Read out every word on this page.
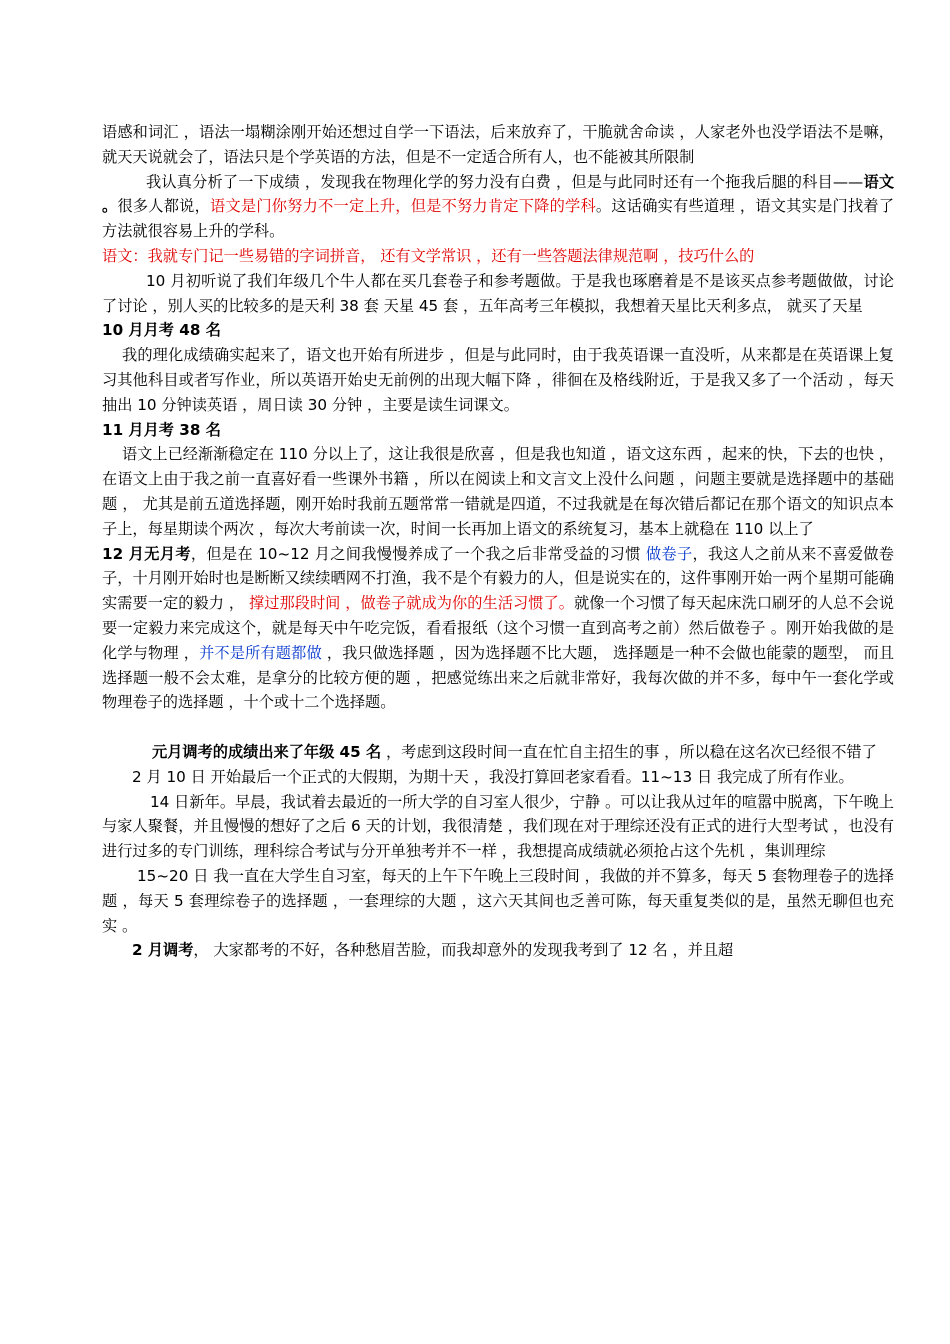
语感和词汇 ，语法一塌糊涂刚开始还想过自学一下语法，后来放弃了，干脆就舍命读 ，人家老外也没学语法不是嘛，就天天说就会了，语法只是个学英语的方法，但是不一定适合所有人，也不能被其所限制

我认真分析了一下成绩 ，发现我在物理化学的努力没有白费 ，但是与此同时还有一个拖我后腿的科目——语文 。很多人都说，语文是门你努力不一定上升，但是不努力肯定下降的学科。这话确实有些道理 ，语文其实是门找着了方法就很容易上升的学科。

语文：我就专门记一些易错的字词拼音， 还有文学常识 ，还有一些答题法律规范啊 ，技巧什么的

10 月初听说了我们年级几个牛人都在买几套卷子和参考题做。于是我也琢磨着是不是该买点参考题做做，讨论了讨论 ，别人买的比较多的是天利 38 套 天星 45 套 ，五年高考三年模拟，我想着天星比天利多点， 就买了天星

10 月月考 48 名

我的理化成绩确实起来了，语文也开始有所进步 ，但是与此同时，由于我英语课一直没听，从来都是在英语课上复习其他科目或者写作业，所以英语开始史无前例的出现大幅下降 ，徘徊在及格线附近，于是我又多了一个活动 ，每天抽出 10 分钟读英语 ，周日读 30 分钟 ，主要是读生词课文。

11 月月考 38 名

语文上已经渐渐稳定在 110 分以上了，这让我很是欣喜 ，但是我也知道 ，语文这东西 ，起来的快，下去的也快 ，在语文上由于我之前一直喜好看一些课外书籍 ，所以在阅读上和文言文上没什么问题 ，问题主要就是选择题中的基础题 ， 尤其是前五道选择题，刚开始时我前五题常常一错就是四道，不过我就是在每次错后都记在那个语文的知识点本子上，每星期读个两次 ，每次大考前读一次，时间一长再加上语文的系统复习，基本上就稳在 110 以上了

12 月无月考，但是在 10~12 月之间我慢慢养成了一个我之后非常受益的习惯 做卷子，我这人之前从来不喜爱做卷子，十月刚开始时也是断断又续续晒网不打渔，我不是个有毅力的人，但是说实在的，这件事刚开始一两个星期可能确实需要一定的毅力 ， 撑过那段时间 ，做卷子就成为你的生活习惯了。就像一个习惯了每天起床洗口刷牙的人总不会说要一定毅力来完成这个，就是每天中午吃完饭，看看报纸（这个习惯一直到高考之前）然后做卷子 。刚开始我做的是化学与物理 ，并不是所有题都做 ，我只做选择题 ，因为选择题不比大题， 选择题是一种不会做也能蒙的题型， 而且选择题一般不会太难，是拿分的比较方便的题 ，把感觉练出来之后就非常好，我每次做的并不多，每中午一套化学或物理卷子的选择题 ，十个或十二个选择题。

元月调考的成绩出来了年级 45 名 ，考虑到这段时间一直在忙自主招生的事 ，所以稳在这名次已经很不错了

2 月 10 日 开始最后一个正式的大假期，为期十天 ，我没打算回老家看看。11~13 日 我完成了所有作业。

14 日新年。早晨，我试着去最近的一所大学的自习室人很少，宁静 。可以让我从过年的喧嚣中脱离，下午晚上与家人聚餐，并且慢慢的想好了之后 6 天的计划，我很清楚 ，我们现在对于理综还没有正式的进行大型考试 ，也没有进行过多的专门训练，理科综合考试与分开单独考并不一样 ，我想提高成绩就必须抢占这个先机 ，集训理综

15~20 日 我一直在大学生自习室，每天的上午下午晚上三段时间 ，我做的并不算多，每天 5 套物理卷子的选择题 ，每天 5 套理综卷子的选择题 ，一套理综的大题 ，这六天其间也乏善可陈，每天重复类似的是，虽然无聊但也充实 。

2 月调考， 大家都考的不好，各种愁眉苦脸，而我却意外的发现我考到了 12 名 ，并且超
